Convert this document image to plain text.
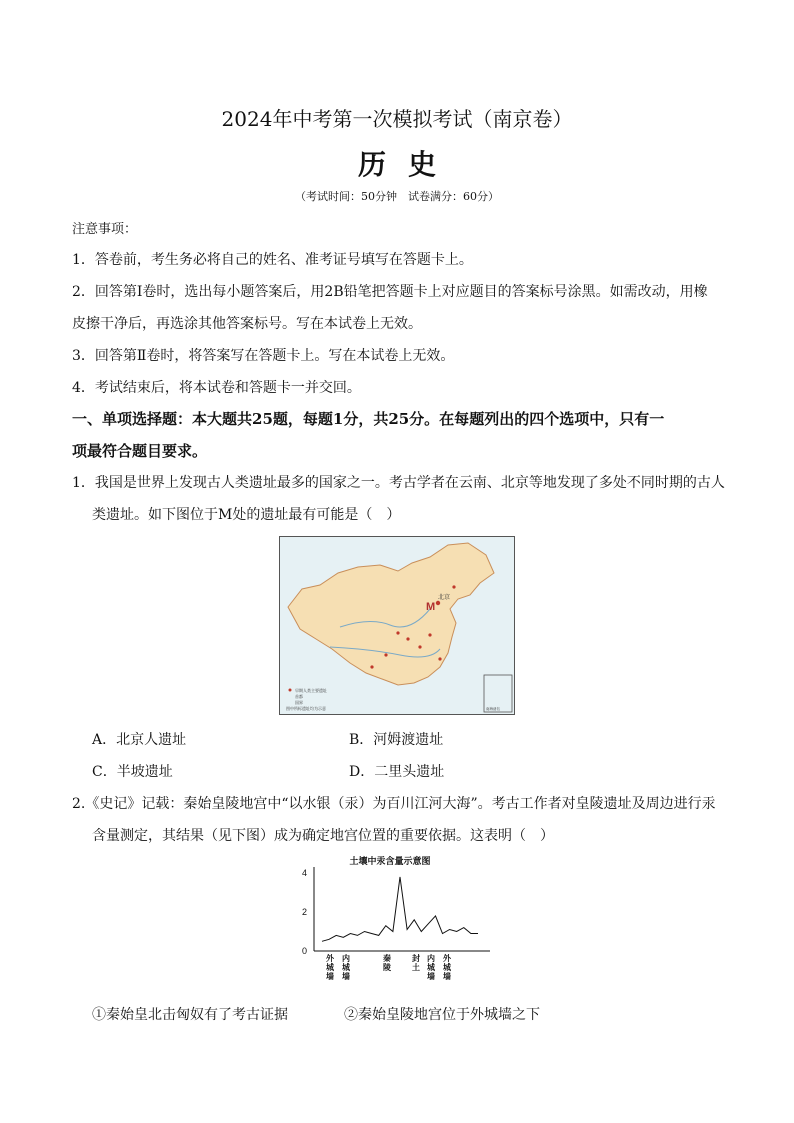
2024年中考第一次模拟考试（南京卷）
历史
（考试时间：50分钟　试卷满分：60分）
注意事项：
1．答卷前，考生务必将自己的姓名、准考证号填写在答题卡上。
2．回答第Ⅰ卷时，选出每小题答案后，用2B铅笔把答题卡上对应题目的答案标号涂黑。如需改动，用橡
皮擦干净后，再选涂其他答案标号。写在本试卷上无效。
3．回答第Ⅱ卷时，将答案写在答题卡上。写在本试卷上无效。
4．考试结束后，将本试卷和答题卡一并交回。
一、单项选择题：本大题共25题，每题1分，共25分。在每题列出的四个选项中，只有一
项最符合题目要求。
1．我国是世界上发现古人类遗址最多的国家之一。考古学者在云南、北京等地发现了多处不同时期的古人
类遗址。如下图位于M处的遗址最有可能是（　）
M
北京
南海诸岛
早期人类主要遗址
首都
国界
图中所标遗址均为示意
A．北京人遗址	B．河姆渡遗址
C．半坡遗址	D．二里头遗址
2.《史记》记载：秦始皇陵地宫中“以水银（汞）为百川江河大海”。考古工作者对皇陵遗址及周边进行汞
含量测定，其结果（见下图）成为确定地宫位置的重要依据。这表明（　）
土壤中汞含量示意图
4
2
0
外城墙
内城墙
秦陵
封土
内城墙
外城墙
①秦始皇北击匈奴有了考古证据	②秦始皇陵地宫位于外城墙之下
